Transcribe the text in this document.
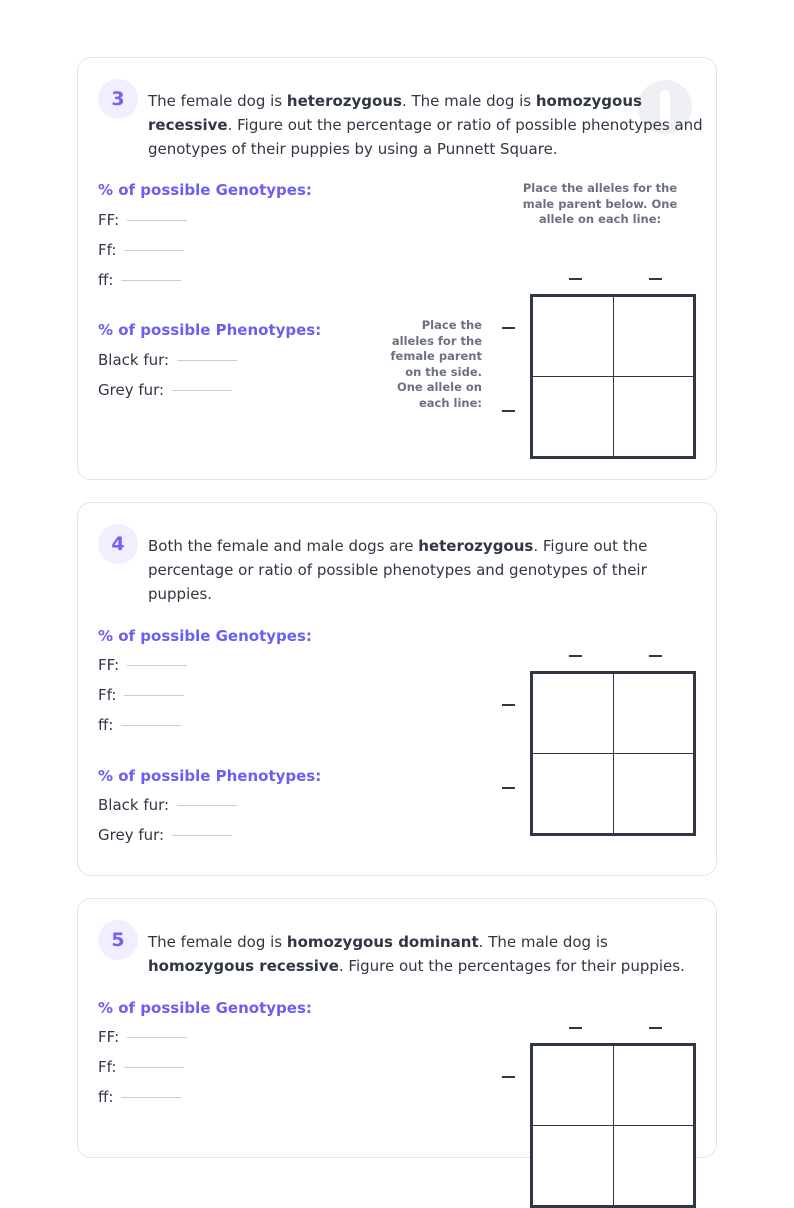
3	The female dog is heterozygous. The male dog is homozygous recessive. Figure out the percentage or ratio of possible phenotypes and genotypes of their puppies by using a Punnett Square.
% of possible Genotypes:
FF:
Ff:
ff:
% of possible Phenotypes:
Black fur:
Grey fur:
Place the alleles for the male parent below. One allele on each line:
Place the alleles for the female parent on the side. One allele on each line:
4	Both the female and male dogs are heterozygous. Figure out the percentage or ratio of possible phenotypes and genotypes of their puppies.
% of possible Genotypes:
FF:
Ff:
ff:
% of possible Phenotypes:
Black fur:
Grey fur:
5	The female dog is homozygous dominant. The male dog is homozygous recessive. Figure out the percentages for their puppies.
% of possible Genotypes:
FF:
Ff:
ff:
